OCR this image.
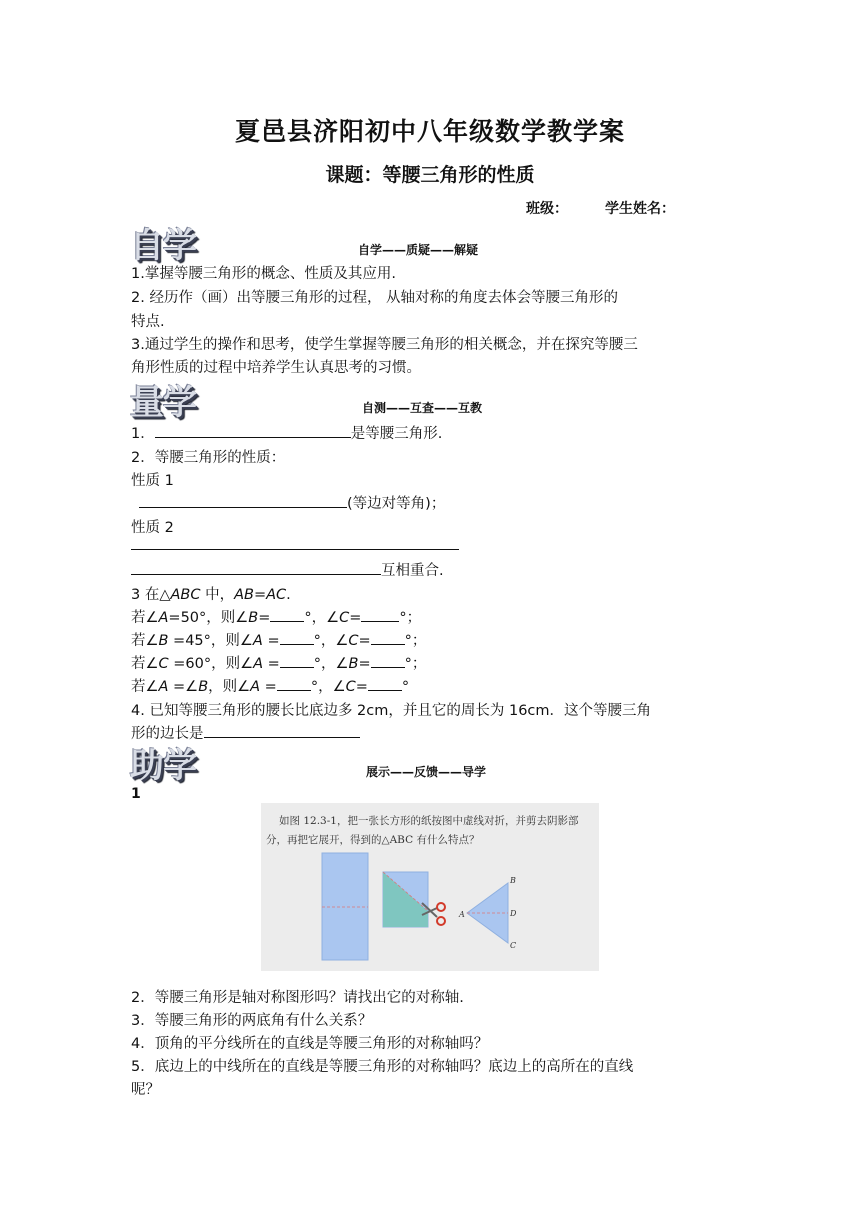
夏邑县济阳初中八年级数学教学案
课题：等腰三角形的性质
班级：	学生姓名：
自学	自学——质疑——解疑
1.掌握等腰三角形的概念、性质及其应用.
2. 经历作（画）出等腰三角形的过程， 从轴对称的角度去体会等腰三角形的
特点.
3.通过学生的操作和思考，使学生掌握等腰三角形的相关概念，并在探究等腰三
角形性质的过程中培养学生认真思考的习惯。
量学	自测——互查——互教
1．	是等腰三角形.
2．等腰三角形的性质：
性质 1
(等边对等角)；
性质 2
互相重合.
3 在△ABC 中，AB=AC.
若∠A=50°，则∠B= °，∠C=	°；
若∠B =45°，则∠A = °，∠C= °；
若∠C =60°，则∠A = °，∠B= °；
若∠A =∠B，则∠A = °，∠C= °
4. 已知等腰三角形的腰长比底边多 2cm，并且它的周长为 16cm．这个等腰三角
形的边长是
助学	展示——反馈——导学
1
如图 12.3-1，把一张长方形的纸按图中虚线对折，并剪去阴影部
分，再把它展开，得到的△ABC 有什么特点？
A
B
D
C
2．等腰三角形是轴对称图形吗？请找出它的对称轴.
3．等腰三角形的两底角有什么关系？
4．顶角的平分线所在的直线是等腰三角形的对称轴吗？
5．底边上的中线所在的直线是等腰三角形的对称轴吗？底边上的高所在的直线
呢？
